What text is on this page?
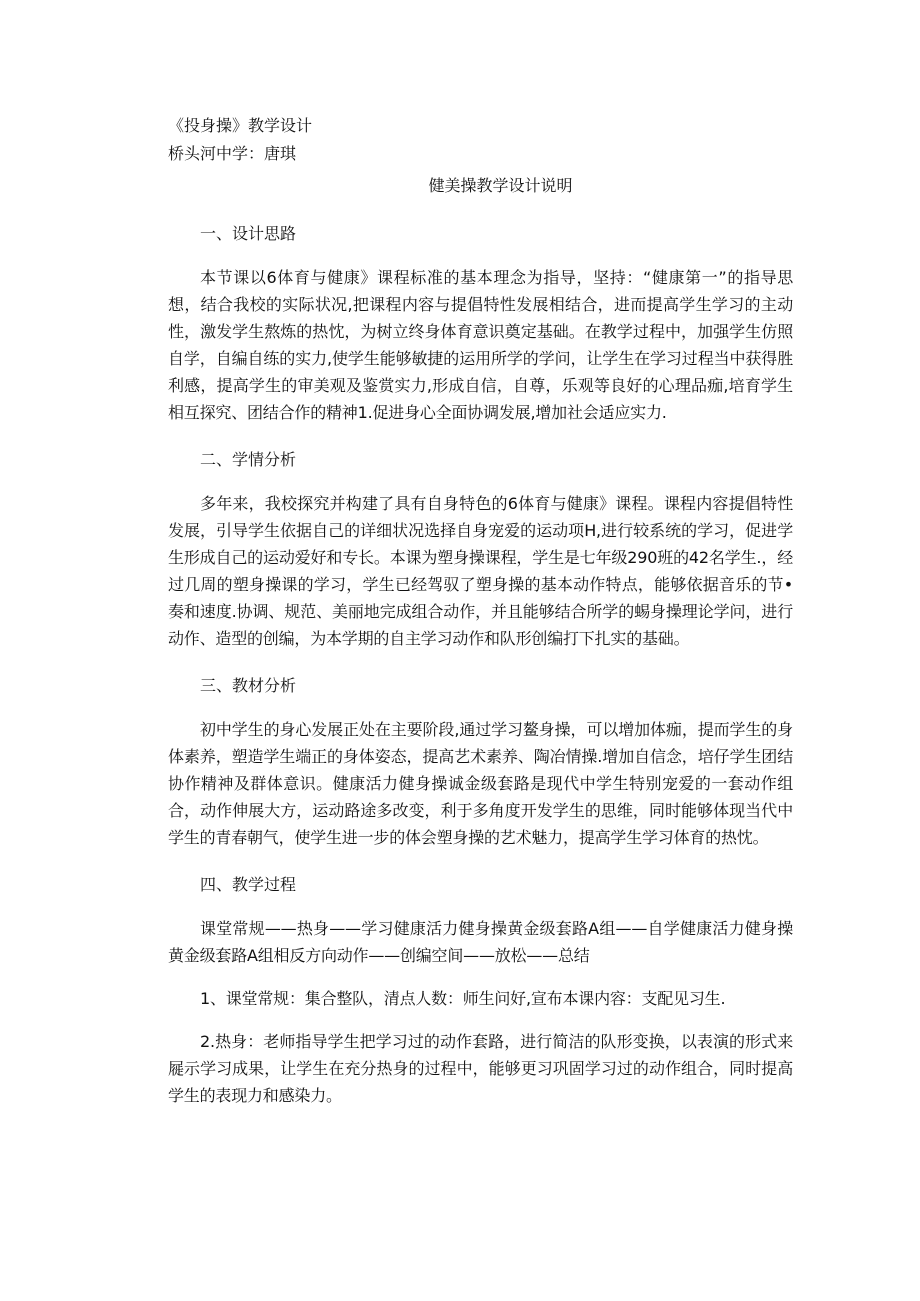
《投身操》教学设计

桥头河中学：唐琪

健美操教学设计说明

一、设计思路

本节课以6体育与健康》课程标准的基本理念为指导，坚持：“健康第一”的指导思想，结合我校的实际状况,把课程内容与提倡特性发展相结合，进而提高学生学习的主动性，激发学生熬炼的热忱，为树立终身体育意识奠定基础。在教学过程中，加强学生仿照自学，自编自练的实力,使学生能够敏捷的运用所学的学问，让学生在学习过程当中获得胜利感，提高学生的审美观及鉴赏实力,形成自信，自尊，乐观等良好的心理品痂,培育学生相互探究、团结合作的精神1.促进身心全面协调发展,增加社会适应实力.

二、学情分析

多年来，我校探究并构建了具有自身特色的6体育与健康》课程。课程内容提倡特性发展，引导学生依据自己的详细状况选择自身宠爱的运动项H,进行较系统的学习，促进学生形成自己的运动爱好和专长。本课为塑身操课程，学生是七年级290班的42名学生.，经过几周的塑身操课的学习，学生已经驾驭了塑身操的基本动作特点，能够依据音乐的节•奏和速度.协调、规范、美丽地完成组合动作，并且能够结合所学的蜴身操理论学问，进行动作、造型的创编，为本学期的自主学习动作和队形创编打下扎实的基础。

三、教材分析

初中学生的身心发展正处在主要阶段,通过学习鳌身操，可以增加体痂，提而学生的身体素养，塑造学生端正的身体姿态，提高艺术素养、陶冶情操.增加自信念，培仔学生团结协作精神及群体意识。健康活力健身操诚金级套路是现代中学生特别宠爱的一套动作组合，动作伸展大方，运动路途多改变，利于多角度开发学生的思维，同时能够体现当代中学生的青春朝气，使学生进一步的体会塑身操的艺术魅力，提高学生学习体育的热忱。

四、教学过程

课堂常规——热身——学习健康活力健身操黄金级套路A组——自学健康活力健身操黄金级套路A组相反方向动作——创编空间——放松——总结

1、课堂常规：集合整队，清点人数：师生问好,宣布本课内容：支配见习生.

2.热身：老师指导学生把学习过的动作套路，进行简洁的队形变换，以表演的形式来屣示学习成果，让学生在充分热身的过程中，能够更习巩固学习过的动作组合，同时提高学生的表现力和感染力。
